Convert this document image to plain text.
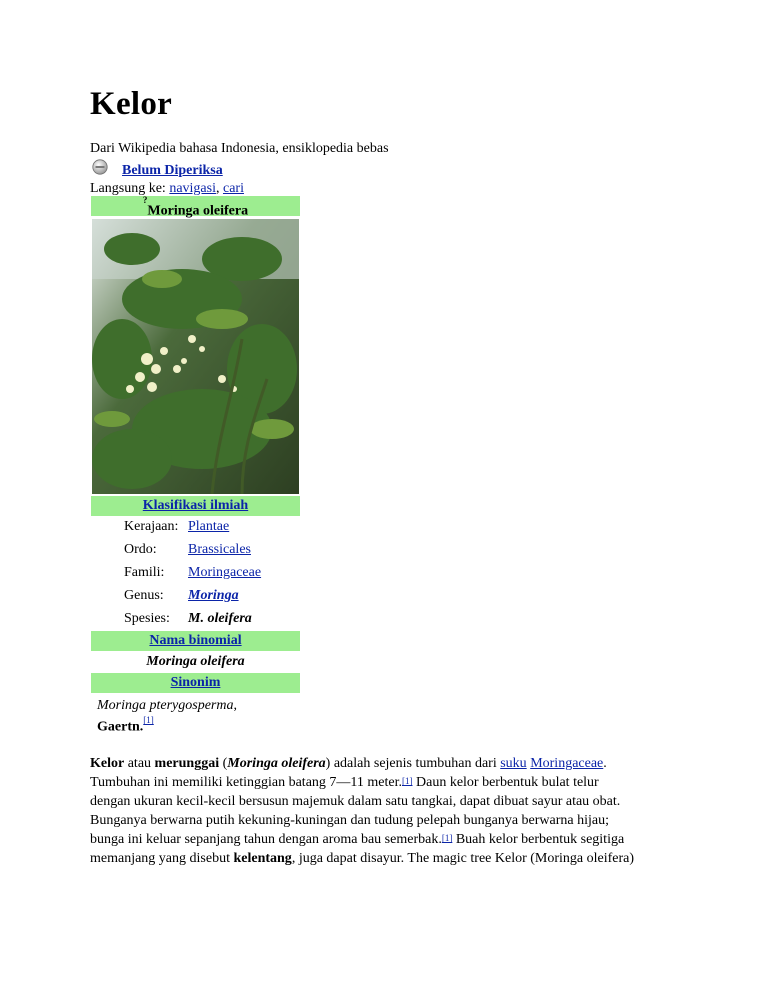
Kelor
Dari Wikipedia bahasa Indonesia, ensiklopedia bebas
Belum Diperiksa
Langsung ke: navigasi, cari
?Moringa oleifera
Klasifikasi ilmiah
Kerajaan: Plantae
Ordo: Brassicales
Famili: Moringaceae
Genus: Moringa
Spesies: M. oleifera
Nama binomial
Moringa oleifera
Sinonim
Moringa pterygosperma,
Gaertn.[1]
Kelor atau merunggai (Moringa oleifera) adalah sejenis tumbuhan dari suku Moringaceae.
Tumbuhan ini memiliki ketinggian batang 7—11 meter.[1] Daun kelor berbentuk bulat telur
dengan ukuran kecil-kecil bersusun majemuk dalam satu tangkai, dapat dibuat sayur atau obat.
Bunganya berwarna putih kekuning-kuningan dan tudung pelepah bunganya berwarna hijau;
bunga ini keluar sepanjang tahun dengan aroma bau semerbak.[1] Buah kelor berbentuk segitiga
memanjang yang disebut kelentang, juga dapat disayur. The magic tree Kelor (Moringa oleifera)
